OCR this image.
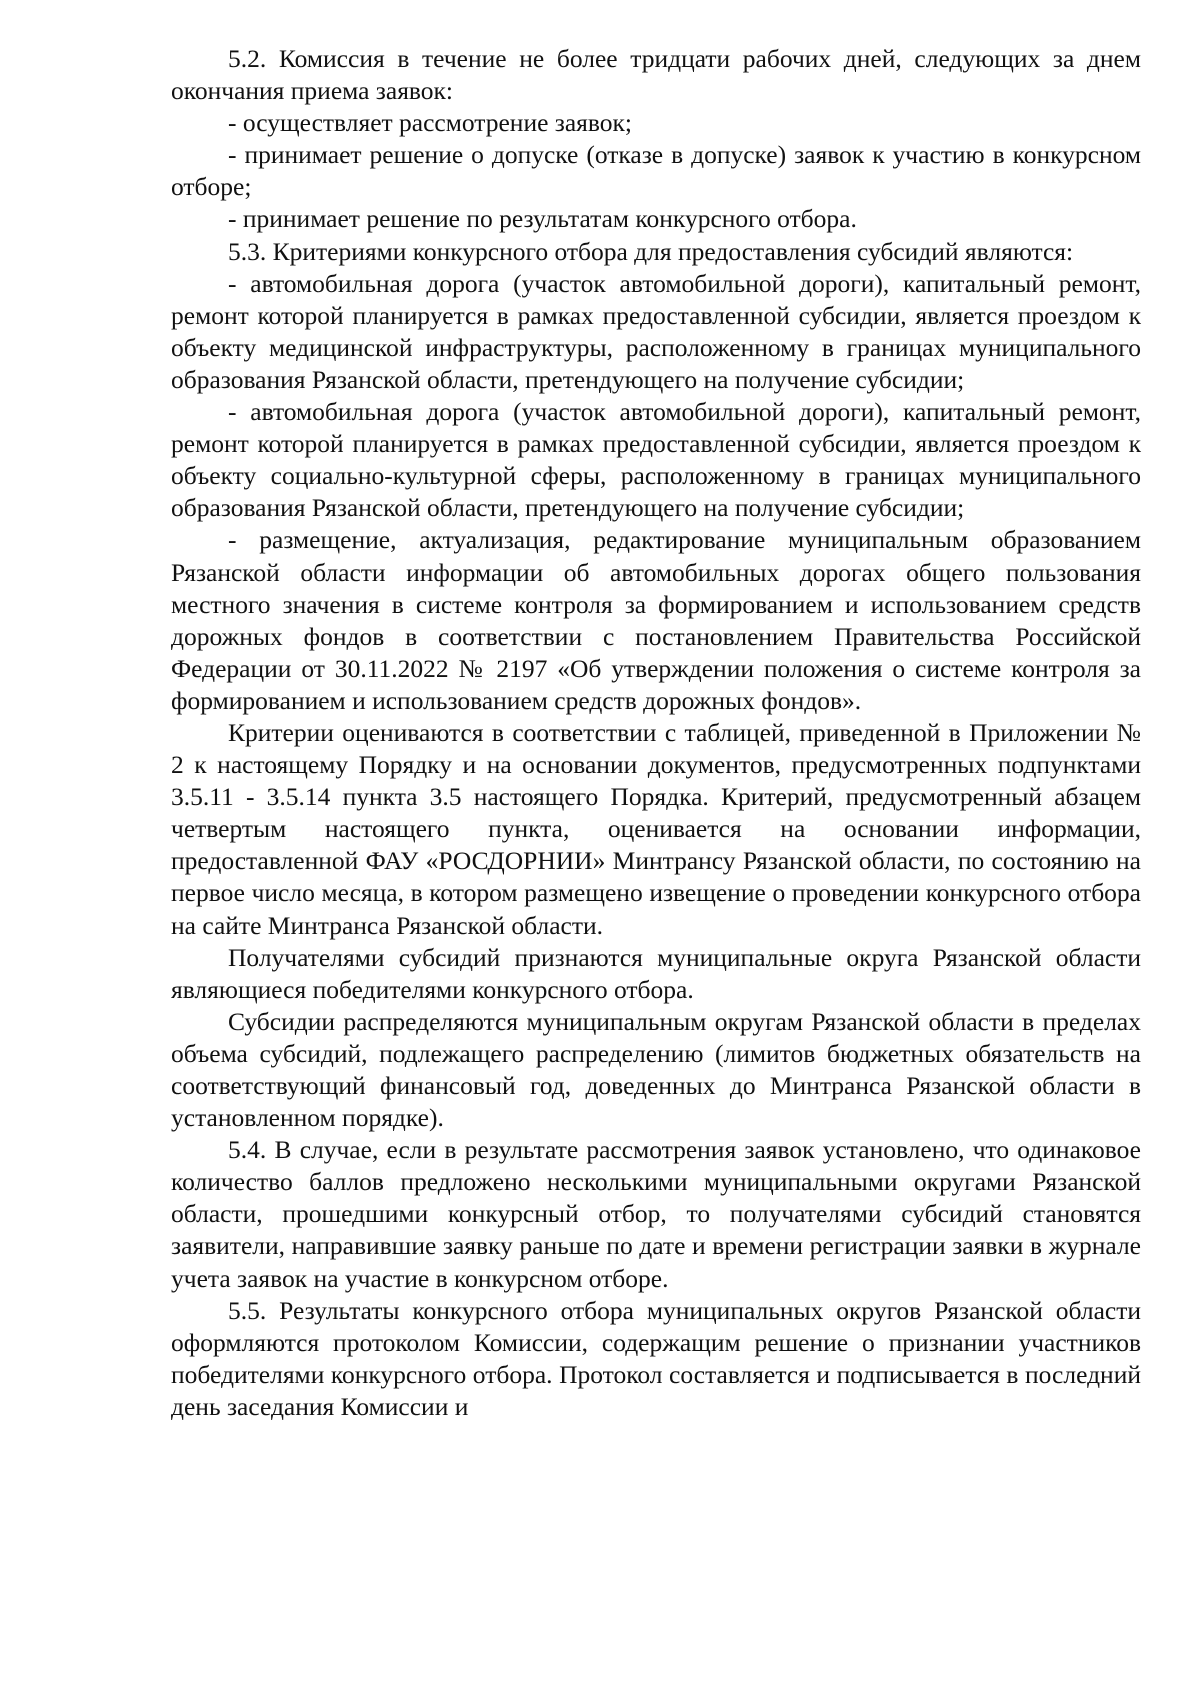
5.2. Комиссия в течение не более тридцати рабочих дней, следующих за днем окончания приема заявок:

- осуществляет рассмотрение заявок;

- принимает решение о допуске (отказе в допуске) заявок к участию в конкурсном отборе;

- принимает решение по результатам конкурсного отбора.

5.3. Критериями конкурсного отбора для предоставления субсидий являются:

- автомобильная дорога (участок автомобильной дороги), капитальный ремонт, ремонт которой планируется в рамках предоставленной субсидии, является проездом к объекту медицинской инфраструктуры, расположенному в границах муниципального образования Рязанской области, претендующего на получение субсидии;

- автомобильная дорога (участок автомобильной дороги), капитальный ремонт, ремонт которой планируется в рамках предоставленной субсидии, является проездом к объекту социально-культурной сферы, расположенному в границах муниципального образования Рязанской области, претендующего на получение субсидии;

- размещение, актуализация, редактирование муниципальным образованием Рязанской области информации об автомобильных дорогах общего пользования местного значения в системе контроля за формированием и использованием средств дорожных фондов в соответствии с постановлением Правительства Российской Федерации от 30.11.2022 № 2197 «Об утверждении положения о системе контроля за формированием и использованием средств дорожных фондов».

Критерии оцениваются в соответствии с таблицей, приведенной в Приложении № 2 к настоящему Порядку и на основании документов, предусмотренных подпунктами 3.5.11 - 3.5.14 пункта 3.5 настоящего Порядка. Критерий, предусмотренный абзацем четвертым настоящего пункта, оценивается на основании информации, предоставленной ФАУ «РОСДОРНИИ» Минтрансу Рязанской области, по состоянию на первое число месяца, в котором размещено извещение о проведении конкурсного отбора на сайте Минтранса Рязанской области.

Получателями субсидий признаются муниципальные округа Рязанской области являющиеся победителями конкурсного отбора.

Субсидии распределяются муниципальным округам Рязанской области в пределах объема субсидий, подлежащего распределению (лимитов бюджетных обязательств на соответствующий финансовый год, доведенных до Минтранса Рязанской области в установленном порядке).

5.4. В случае, если в результате рассмотрения заявок установлено, что одинаковое количество баллов предложено несколькими муниципальными округами Рязанской области, прошедшими конкурсный отбор, то получателями субсидий становятся заявители, направившие заявку раньше по дате и времени регистрации заявки в журнале учета заявок на участие в конкурсном отборе.

5.5. Результаты конкурсного отбора муниципальных округов Рязанской области оформляются протоколом Комиссии, содержащим решение о признании участников победителями конкурсного отбора. Протокол составляется и подписывается в последний день заседания Комиссии и
